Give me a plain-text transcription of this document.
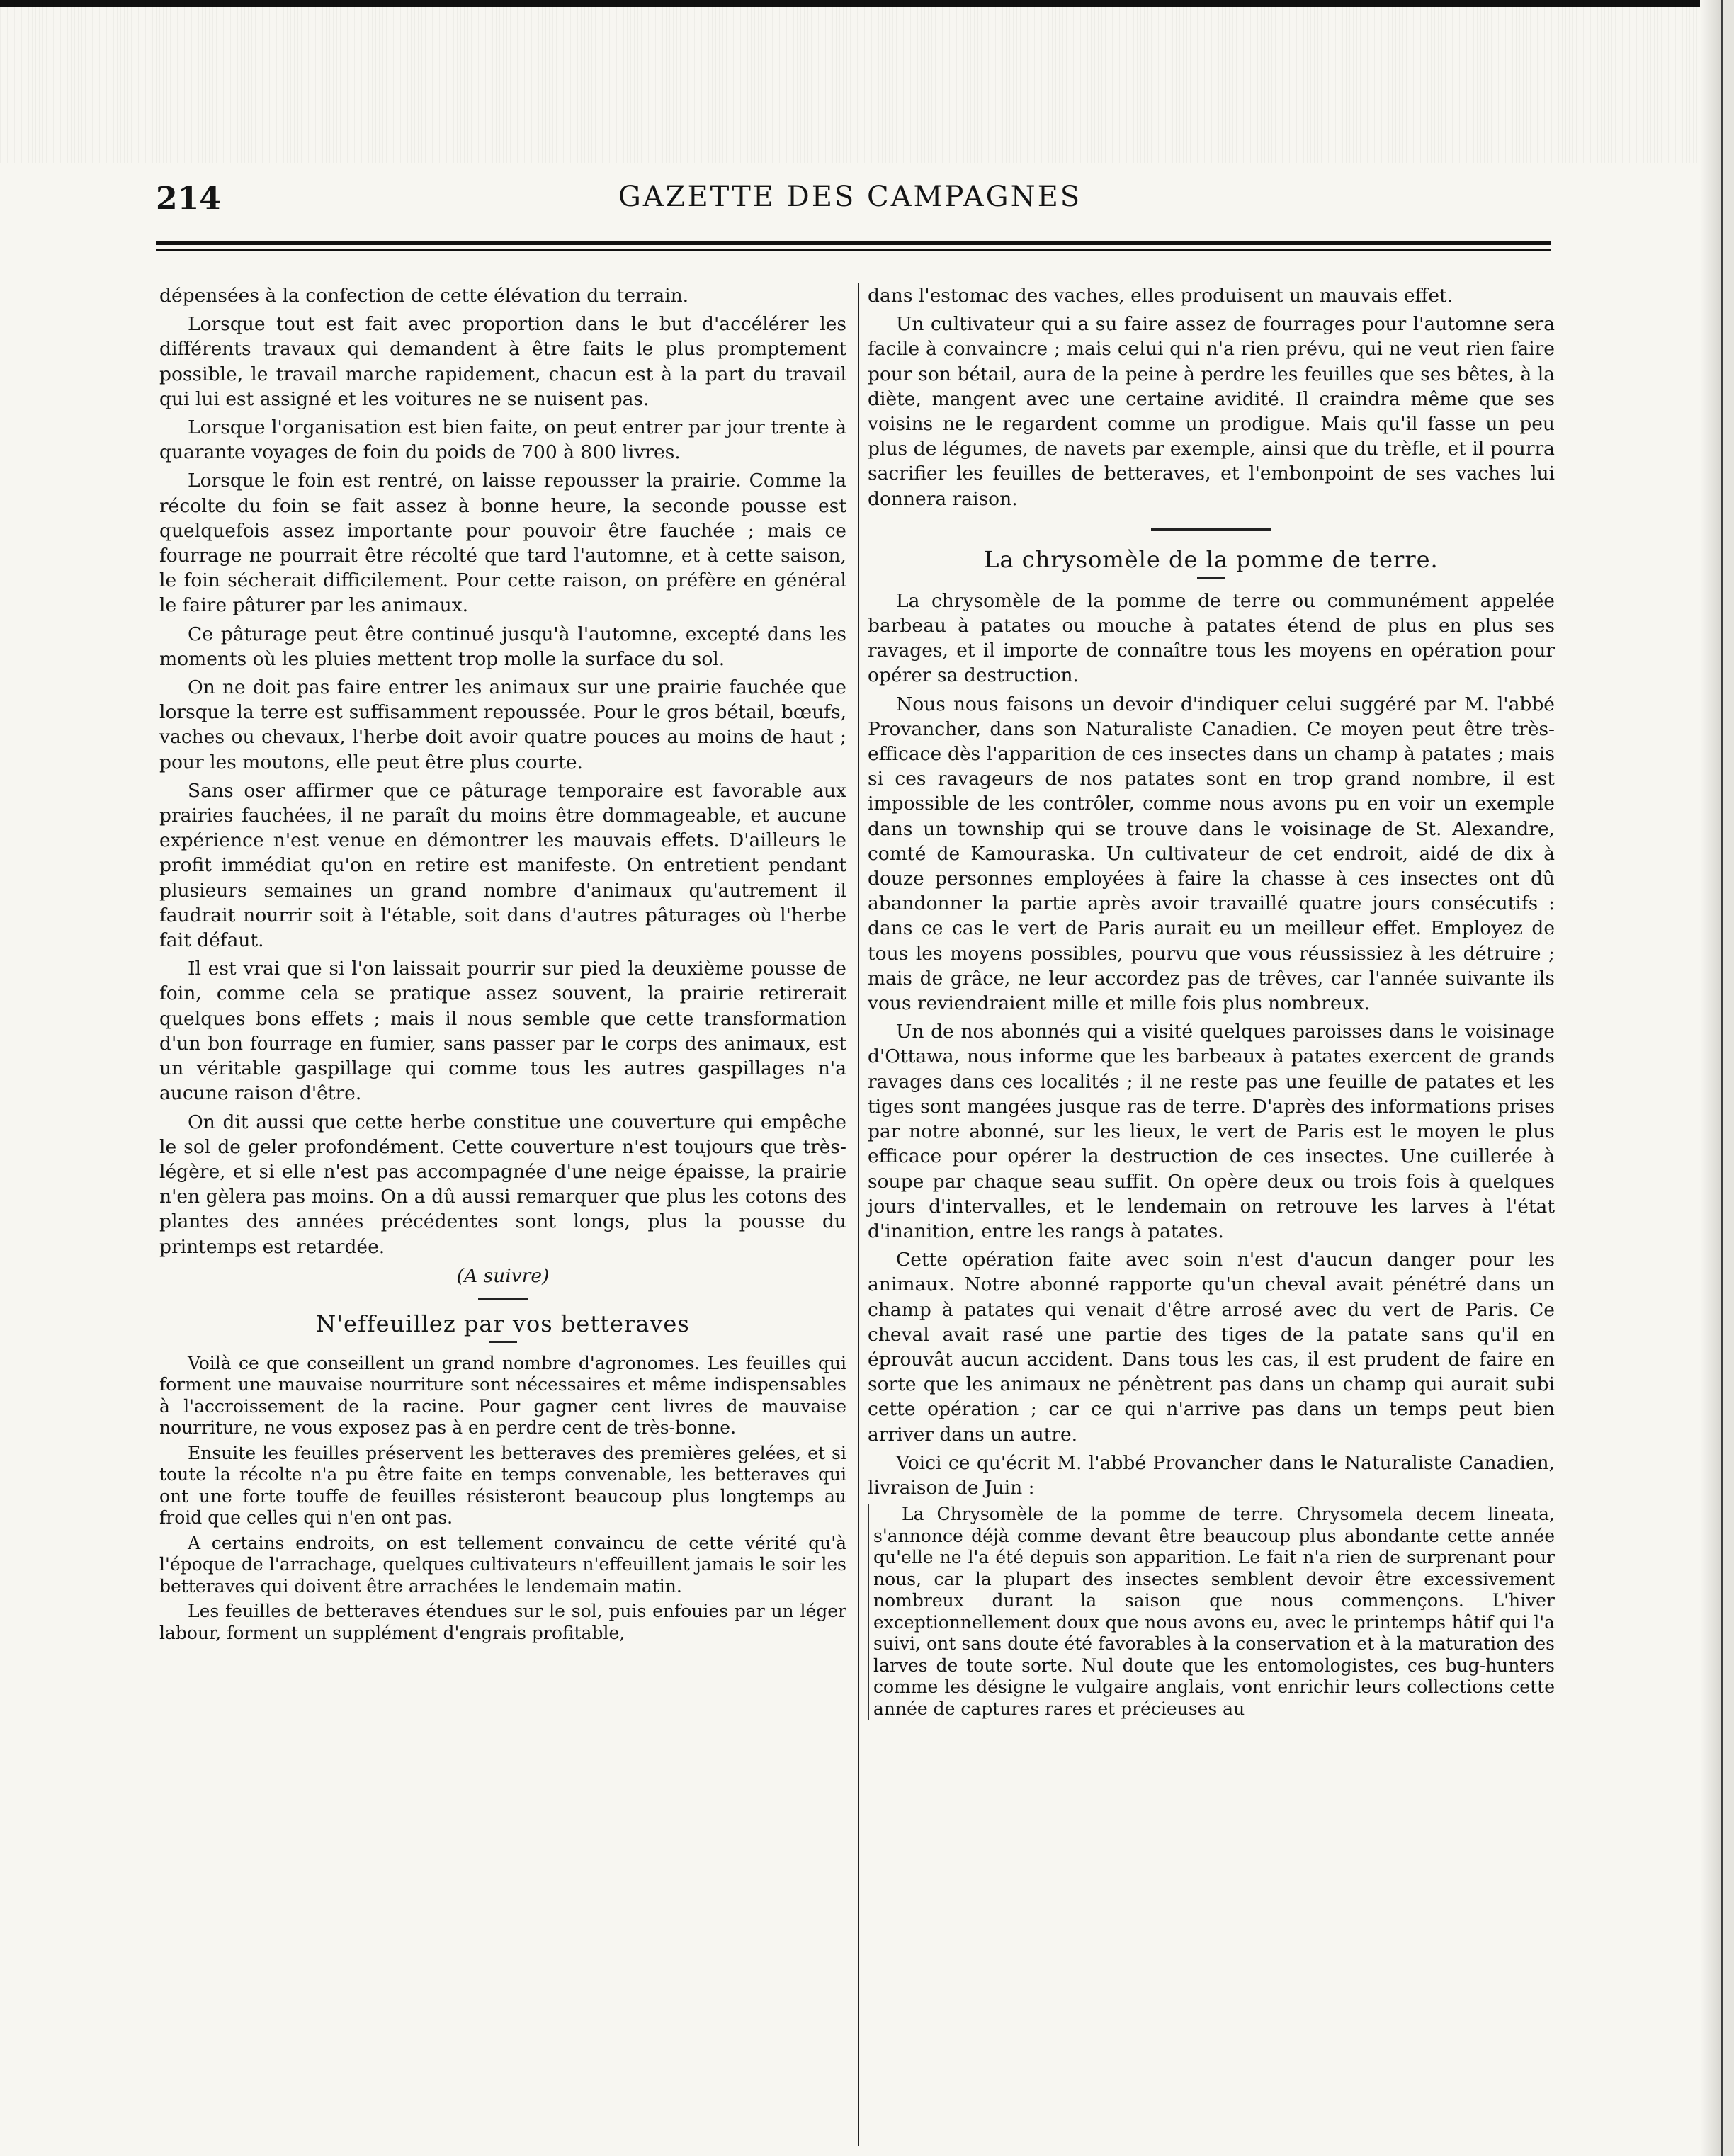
214	GAZETTE DES CAMPAGNES

dépensées à la confection de cette élévation du terrain.

Lorsque tout est fait avec proportion dans le but d'accélérer les différents travaux qui demandent à être faits le plus promptement possible, le travail marche rapidement, chacun est à la part du travail qui lui est assigné et les voitures ne se nuisent pas.

Lorsque l'organisation est bien faite, on peut entrer par jour trente à quarante voyages de foin du poids de 700 à 800 livres.

Lorsque le foin est rentré, on laisse repousser la prairie. Comme la récolte du foin se fait assez à bonne heure, la seconde pousse est quelquefois assez importante pour pouvoir être fauchée ; mais ce fourrage ne pourrait être récolté que tard l'automne, et à cette saison, le foin sécherait difficilement. Pour cette raison, on préfère en général le faire pâturer par les animaux.

Ce pâturage peut être continué jusqu'à l'automne, excepté dans les moments où les pluies mettent trop molle la surface du sol.

On ne doit pas faire entrer les animaux sur une prairie fauchée que lorsque la terre est suffisamment repoussée. Pour le gros bétail, bœufs, vaches ou chevaux, l'herbe doit avoir quatre pouces au moins de haut ; pour les moutons, elle peut être plus courte.

Sans oser affirmer que ce pâturage temporaire est favorable aux prairies fauchées, il ne paraît du moins être dommageable, et aucune expérience n'est venue en démontrer les mauvais effets. D'ailleurs le profit immédiat qu'on en retire est manifeste. On entretient pendant plusieurs semaines un grand nombre d'animaux qu'autrement il faudrait nourrir soit à l'étable, soit dans d'autres pâturages où l'herbe fait défaut.

Il est vrai que si l'on laissait pourrir sur pied la deuxième pousse de foin, comme cela se pratique assez souvent, la prairie retirerait quelques bons effets ; mais il nous semble que cette transformation d'un bon fourrage en fumier, sans passer par le corps des animaux, est un véritable gaspillage qui comme tous les autres gaspillages n'a aucune raison d'être.

On dit aussi que cette herbe constitue une couverture qui empêche le sol de geler profondément. Cette couverture n'est toujours que très-légère, et si elle n'est pas accompagnée d'une neige épaisse, la prairie n'en gèlera pas moins. On a dû aussi remarquer que plus les cotons des plantes des années précédentes sont longs, plus la pousse du printemps est retardée.

(A suivre)
N'effeuillez par vos betteraves

Voilà ce que conseillent un grand nombre d'agronomes. Les feuilles qui forment une mauvaise nourriture sont nécessaires et même indispensables à l'accroissement de la racine. Pour gagner cent livres de mauvaise nourriture, ne vous exposez pas à en perdre cent de très-bonne.

Ensuite les feuilles préservent les betteraves des premières gelées, et si toute la récolte n'a pu être faite en temps convenable, les betteraves qui ont une forte touffe de feuilles résisteront beaucoup plus longtemps au froid que celles qui n'en ont pas.

A certains endroits, on est tellement convaincu de cette vérité qu'à l'époque de l'arrachage, quelques cultivateurs n'effeuillent jamais le soir les betteraves qui doivent être arrachées le lendemain matin.

Les feuilles de betteraves étendues sur le sol, puis enfouies par un léger labour, forment un supplément d'engrais profitable,

dans l'estomac des vaches, elles produisent un mauvais effet.

Un cultivateur qui a su faire assez de fourrages pour l'automne sera facile à convaincre ; mais celui qui n'a rien prévu, qui ne veut rien faire pour son bétail, aura de la peine à perdre les feuilles que ses bêtes, à la diète, mangent avec une certaine avidité. Il craindra même que ses voisins ne le regardent comme un prodigue. Mais qu'il fasse un peu plus de légumes, de navets par exemple, ainsi que du trèfle, et il pourra sacrifier les feuilles de betteraves, et l'embonpoint de ses vaches lui donnera raison.

La chrysomèle de la pomme de terre.

La chrysomèle de la pomme de terre ou communément appelée barbeau à patates ou mouche à patates étend de plus en plus ses ravages, et il importe de connaître tous les moyens en opération pour opérer sa destruction.

Nous nous faisons un devoir d'indiquer celui suggéré par M. l'abbé Provancher, dans son Naturaliste Canadien. Ce moyen peut être très-efficace dès l'apparition de ces insectes dans un champ à patates ; mais si ces ravageurs de nos patates sont en trop grand nombre, il est impossible de les contrôler, comme nous avons pu en voir un exemple dans un township qui se trouve dans le voisinage de St. Alexandre, comté de Kamouraska. Un cultivateur de cet endroit, aidé de dix à douze personnes employées à faire la chasse à ces insectes ont dû abandonner la partie après avoir travaillé quatre jours consécutifs : dans ce cas le vert de Paris aurait eu un meilleur effet. Employez de tous les moyens possibles, pourvu que vous réussissiez à les détruire ; mais de grâce, ne leur accordez pas de trêves, car l'année suivante ils vous reviendraient mille et mille fois plus nombreux.

Un de nos abonnés qui a visité quelques paroisses dans le voisinage d'Ottawa, nous informe que les barbeaux à patates exercent de grands ravages dans ces localités ; il ne reste pas une feuille de patates et les tiges sont mangées jusque ras de terre. D'après des informations prises par notre abonné, sur les lieux, le vert de Paris est le moyen le plus efficace pour opérer la destruction de ces insectes. Une cuillerée à soupe par chaque seau suffit. On opère deux ou trois fois à quelques jours d'intervalles, et le lendemain on retrouve les larves à l'état d'inanition, entre les rangs à patates.

Cette opération faite avec soin n'est d'aucun danger pour les animaux. Notre abonné rapporte qu'un cheval avait pénétré dans un champ à patates qui venait d'être arrosé avec du vert de Paris. Ce cheval avait rasé une partie des tiges de la patate sans qu'il en éprouvât aucun accident. Dans tous les cas, il est prudent de faire en sorte que les animaux ne pénètrent pas dans un champ qui aurait subi cette opération ; car ce qui n'arrive pas dans un temps peut bien arriver dans un autre.

Voici ce qu'écrit M. l'abbé Provancher dans le Naturaliste Canadien, livraison de Juin :

La Chrysomèle de la pomme de terre. Chrysomela decem lineata, s'annonce déjà comme devant être beaucoup plus abondante cette année qu'elle ne l'a été depuis son apparition. Le fait n'a rien de surprenant pour nous, car la plupart des insectes semblent devoir être excessivement nombreux durant la saison que nous commençons. L'hiver exceptionnellement doux que nous avons eu, avec le printemps hâtif qui l'a suivi, ont sans doute été favorables à la conservation et à la maturation des larves de toute sorte. Nul doute que les entomologistes, ces bug-hunters comme les désigne le vulgaire anglais, vont enrichir leurs collections cette année de captures rares et précieuses au
